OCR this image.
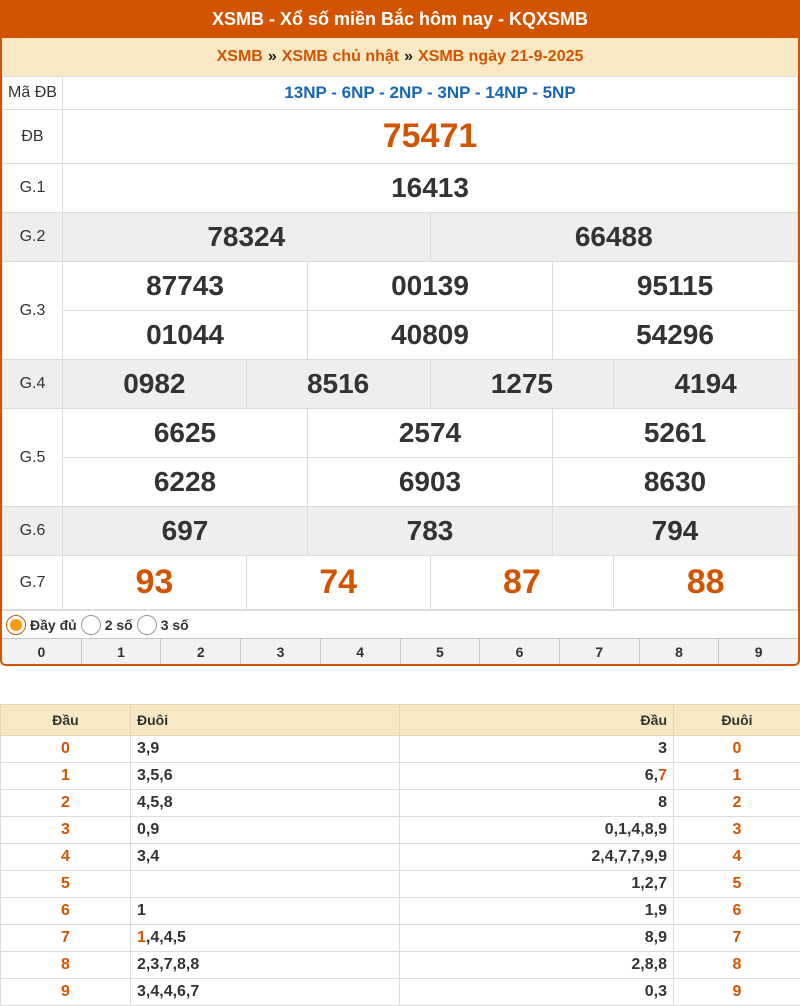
XSMB - Xổ số miền Bắc hôm nay - KQXSMB
XSMB » XSMB chủ nhật » XSMB ngày 21-9-2025
Mã ĐB	13NP - 6NP - 2NP - 3NP - 14NP - 5NP					
ĐB	75471					
G.1	16413					
G.2	78324			66488		
G.3	87743		00139		95115	
	01044		40809		54296	
G.4	0982	8516		1275		4194
G.5	6625		2574		5261	
	6228		6903		8630	
G.6	697		783		794	
G.7	93	74		87		88
Đầy đủ 2 số 3 số
0	1	2	3	4	5	6	7	8	9
Đầu	Đuôi	Đầu	Đuôi
0	3,9	3	0
1	3,5,6	6,7	1
2	4,5,8	8	2
3	0,9	0,1,4,8,9	3
4	3,4	2,4,7,7,9,9	4
5		1,2,7	5
6	1	1,9	6
7	1,4,4,5	8,9	7
8	2,3,7,8,8	2,8,8	8
9	3,4,4,6,7	0,3	9
